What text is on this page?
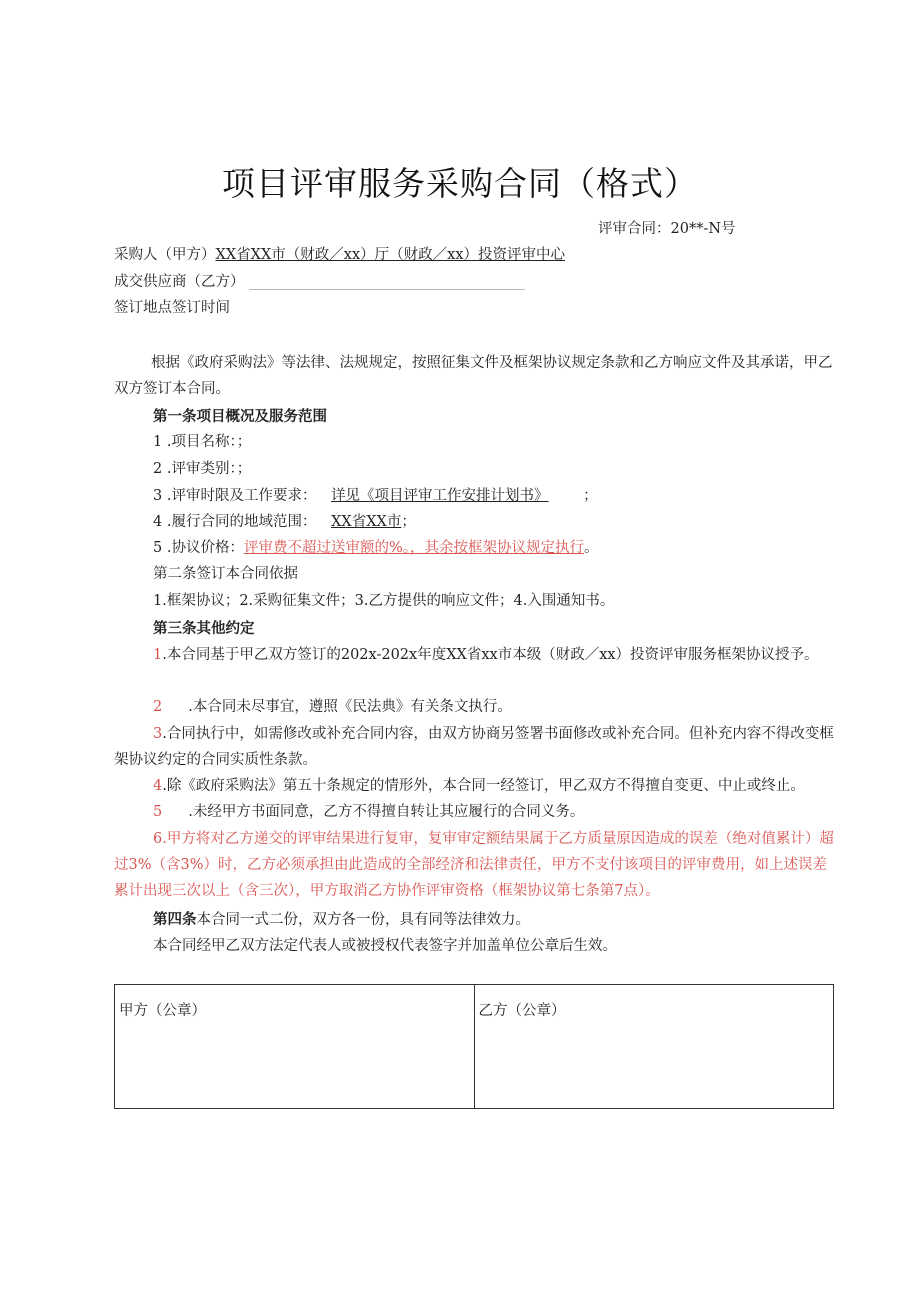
项目评审服务采购合同（格式）
评审合同：20**-N号
采购人（甲方）XX省XX市（财政／xx）厅（财政／xx）投资评审中心
成交供应商（乙方） ______________________________________
签订地点签订时间
根据《政府采购法》等法律、法规规定，按照征集文件及框架协议规定条款和乙方响应文件及其承诺，甲乙双方签订本合同。
第一条项目概况及服务范围
1 .项目名称：；
2 .评审类别：；
3 .评审时限及工作要求： 详见《项目评审工作安排计划书》 ；
4 .履行合同的地域范围： XX省XX市；
5 .协议价格：评审费不超过送审额的%。，其余按框架协议规定执行。
第二条签订本合同依据
1.框架协议；2.采购征集文件；3.乙方提供的响应文件；4.入围通知书。
第三条其他约定
1.本合同基于甲乙双方签订的202x-202x年度XX省xx市本级（财政／xx）投资评审服务框架协议授予。
2 .本合同未尽事宜，遵照《民法典》有关条文执行。
3.合同执行中，如需修改或补充合同内容，由双方协商另签署书面修改或补充合同。但补充内容不得改变框架协议约定的合同实质性条款。
4.除《政府采购法》第五十条规定的情形外，本合同一经签订，甲乙双方不得擅自变更、中止或终止。
5 .未经甲方书面同意，乙方不得擅自转让其应履行的合同义务。
6.甲方将对乙方递交的评审结果进行复审，复审审定额结果属于乙方质量原因造成的误差（绝对值累计）超过3%（含3%）时，乙方必须承担由此造成的全部经济和法律责任，甲方不支付该项目的评审费用，如上述误差累计出现三次以上（含三次），甲方取消乙方协作评审资格（框架协议第七条第7点）。
第四条本合同一式二份，双方各一份，具有同等法律效力。
本合同经甲乙双方法定代表人或被授权代表签字并加盖单位公章后生效。
甲方（公章）	乙方（公章）
